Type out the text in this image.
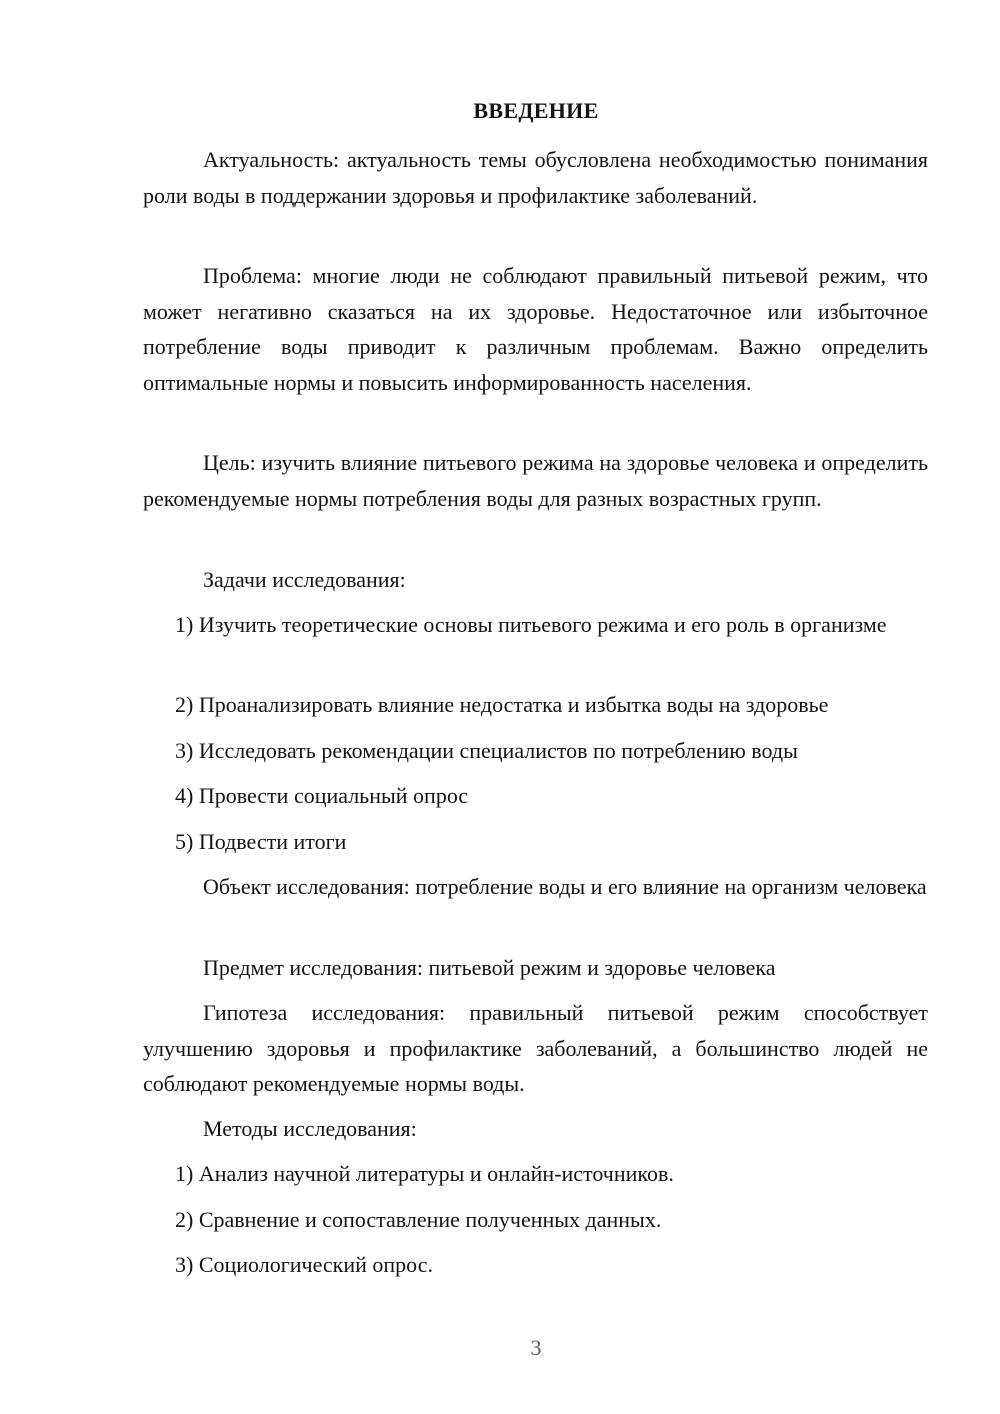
ВВЕДЕНИЕ

Актуальность: актуальность темы обусловлена необходимостью понимания роли воды в поддержании здоровья и профилактике заболеваний.

Проблема: многие люди не соблюдают правильный питьевой режим, что может негативно сказаться на их здоровье. Недостаточное или избыточное потребление воды приводит к различным проблемам. Важно определить оптимальные нормы и повысить информированность населения.

Цель: изучить влияние питьевого режима на здоровье человека и определить рекомендуемые нормы потребления воды для разных возрастных групп.

Задачи исследования:

1) Изучить теоретические основы питьевого режима и его роль в организме

2) Проанализировать влияние недостатка и избытка воды на здоровье

3) Исследовать рекомендации специалистов по потреблению воды

4) Провести социальный опрос

5) Подвести итоги

Объект исследования: потребление воды и его влияние на организм человека

Предмет исследования: питьевой режим и здоровье человека

Гипотеза исследования: правильный питьевой режим способствует улучшению здоровья и профилактике заболеваний, а большинство людей не соблюдают рекомендуемые нормы воды.

Методы исследования:

1) Анализ научной литературы и онлайн-источников.

2) Сравнение и сопоставление полученных данных.

3) Социологический опрос.

3
